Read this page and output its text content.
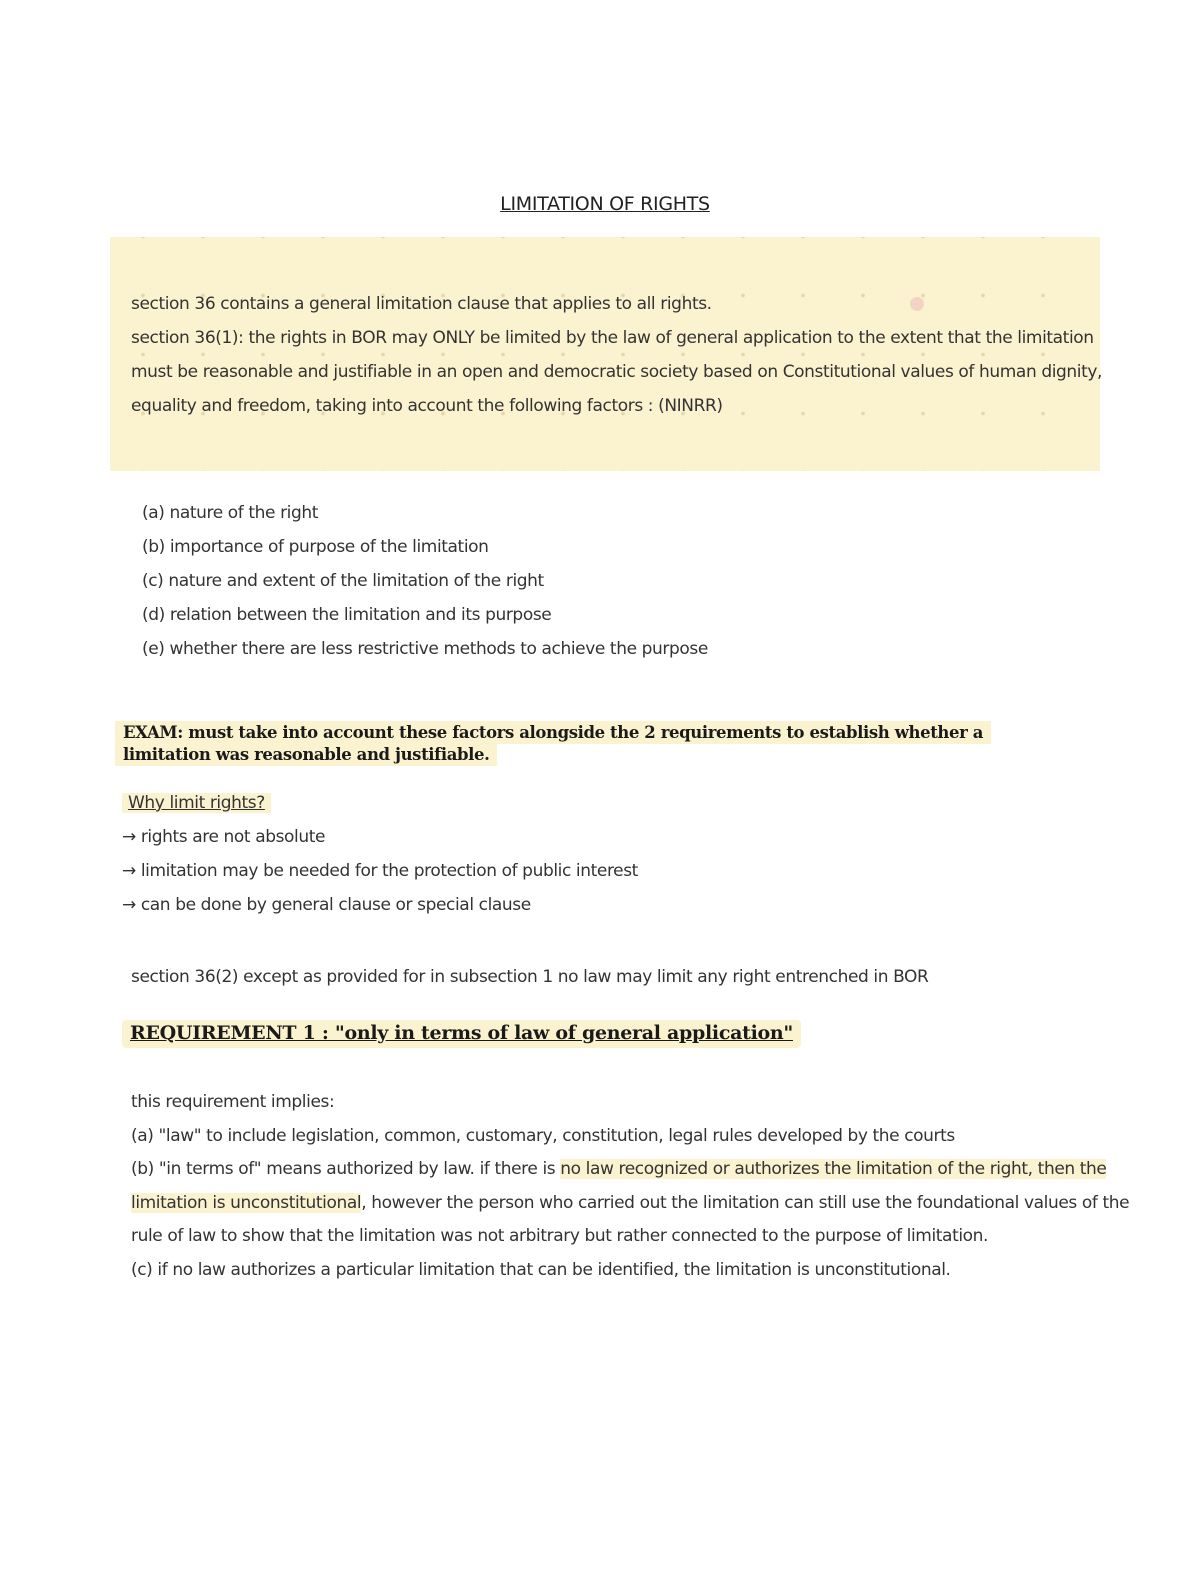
LIMITATION OF RIGHTS

section 36 contains a general limitation clause that applies to all rights.

section 36(1): the rights in BOR may ONLY be limited by the law of general application to the extent that the limitation must be reasonable and justifiable in an open and democratic society based on Constitutional values of human dignity, equality and freedom, taking into account the following factors : (NINRR)

(a) nature of the right
(b) importance of purpose of the limitation
(c) nature and extent of the limitation of the right
(d) relation between the limitation and its purpose
(e) whether there are less restrictive methods to achieve the purpose
EXAM: must take into account these factors alongside the 2 requirements to establish whether a limitation was reasonable and justifiable.
Why limit rights?
→ rights are not absolute
→ limitation may be needed for the protection of public interest
→ can be done by general clause or special clause
section 36(2) except as provided for in subsection 1 no law may limit any right entrenched in BOR
REQUIREMENT 1 : "only in terms of law of general application"

this requirement implies:

(a) "law" to include legislation, common, customary, constitution, legal rules developed by the courts

(b) "in terms of" means authorized by law. if there is no law recognized or authorizes the limitation of the right, then the limitation is unconstitutional, however the person who carried out the limitation can still use the foundational values of the rule of law to show that the limitation was not arbitrary but rather connected to the purpose of limitation.

(c) if no law authorizes a particular limitation that can be identified, the limitation is unconstitutional.
